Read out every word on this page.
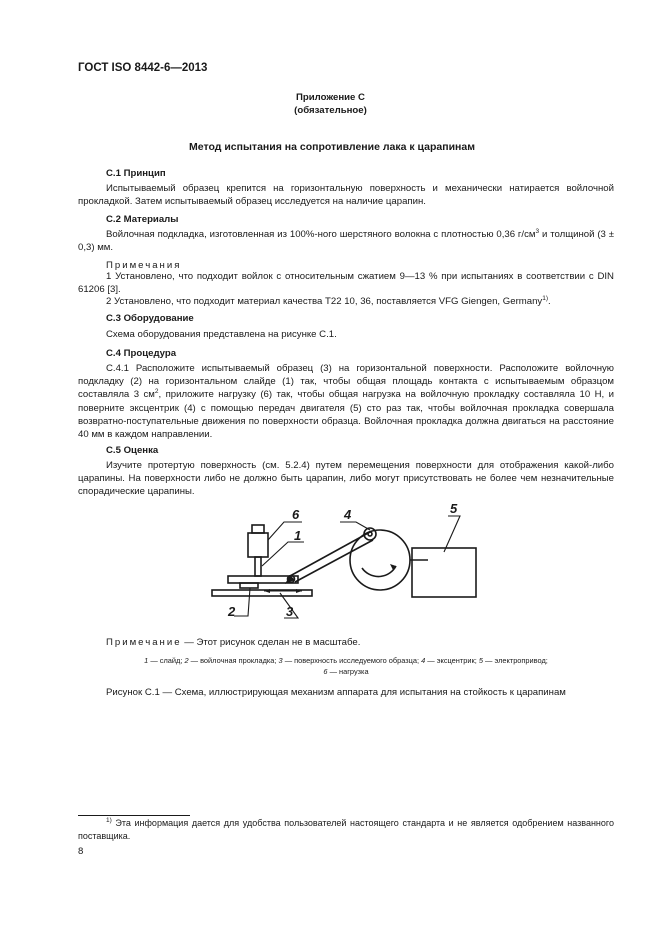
ГОСТ ISO 8442-6—2013
Приложение С
(обязательное)
Метод испытания на сопротивление лака к царапинам
С.1 Принцип
Испытываемый образец крепится на горизонтальную поверхность и механически натирается войлочной прокладкой. Затем испытываемый образец исследуется на наличие царапин.
С.2 Материалы
Войлочная подкладка, изготовленная из 100%-ного шерстяного волокна с плотностью 0,36 $г/см^3$ и толщиной (3 ± 0,3) мм.
Примечания
1 Установлено, что подходит войлок с относительным сжатием 9—13 % при испытаниях в соответствии с DIN 61206 [3].
2 Установлено, что подходит материал качества Т22 10, 36, поставляется VFG Giengen, Germany$^{1)}$.
С.3 Оборудование
Схема оборудования представлена на рисунке С.1.
С.4 Процедура
С.4.1 Расположите испытываемый образец (3) на горизонтальной поверхности. Расположите войлочную подкладку (2) на горизонтальном слайде (1) так, чтобы общая площадь контакта с испытываемым образцом составляла 3 $см^2$, приложите нагрузку (6) так, чтобы общая нагрузка на войлочную прокладку составляла 10 Н, и поверните эксцентрик (4) с помощью передач двигателя (5) сто раз так, чтобы войлочная прокладка совершала возвратно-поступательные движения по поверхности образца. Войлочная прокладка должна двигаться на расстояние 40 мм в каждом направлении.
С.5 Оценка
Изучите протертую поверхность (см. 5.2.4) путем перемещения поверхности для отображения какой-либо царапины. На поверхности либо не должно быть царапин, либо могут присутствовать не более чем незначительные спорадические царапины.
6
1
4	5
2	3
Примечание — Этот рисунок сделан не в масштабе.
1 — слайд; 2 — войлочная прокладка; 3 — поверхность исследуемого образца; 4 — эксцентрик; 5 — электропривод;
6 — нагрузка
Рисунок С.1 — Схема, иллюстрирующая механизм аппарата для испытания на стойкость к царапинам
$^{1)}$ Эта информация дается для удобства пользователей настоящего стандарта и не является одобрением названного поставщика.
8
